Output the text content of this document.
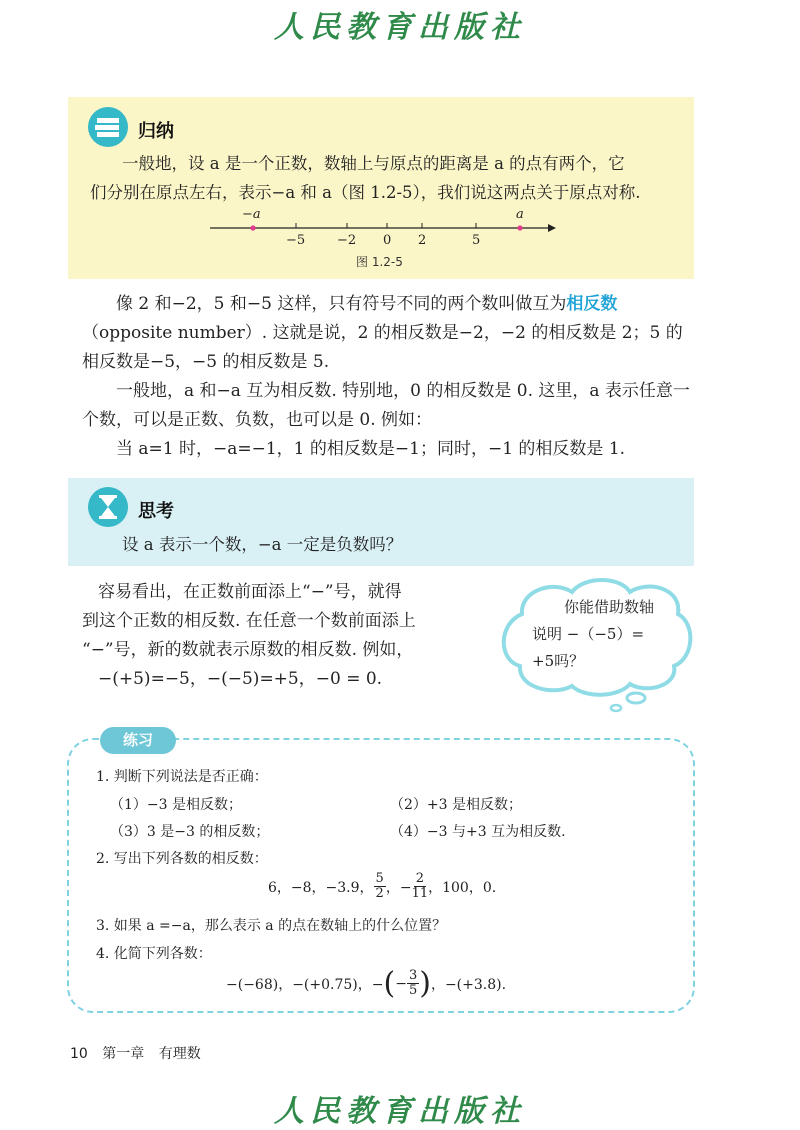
人民教育出版社
归纳

一般地，设 a 是一个正数，数轴上与原点的距离是 a 的点有两个，它

们分别在原点左右，表示−a 和 a（图 1.2-5），我们说这两点关于原点对称.

−a	a
−5 −2 0 2	5
图 1.2-5

像 2 和−2，5 和−5 这样，只有符号不同的两个数叫做互为相反数（opposite number）. 这就是说，2 的相反数是−2，−2 的相反数是 2；5 的相反数是−5，−5 的相反数是 5.

一般地，a 和−a 互为相反数. 特别地，0 的相反数是 0. 这里，a 表示任意一个数，可以是正数、负数，也可以是 0. 例如：

当 a=1 时，−a=−1，1 的相反数是−1；同时，−1 的相反数是 1.

思考

设 a 表示一个数，−a 一定是负数吗？

容易看出，在正数前面添上“−”号，就得

到这个正数的相反数. 在任意一个数前面添上

“−”号，新的数就表示原数的相反数. 例如，

−(+5)=−5，−(−5)=+5，−0 = 0.

你能借助数轴
说明 −（−5）=
+5吗？
练习
1. 判断下列说法是否正确：
（1）−3 是相反数；	（2）+3 是相反数；
（3）3 是−3 的相反数；	（4）−3 与+3 互为相反数.
2. 写出下列各数的相反数：
6，−8，−3.9， $\frac{5}{2}$ ，− $\frac{2}{11}$ ，100，0.
3. 如果 a =−a，那么表示 a 的点在数轴上的什么位置？
4. 化简下列各数：
−(−68)，−(+0.75)，− ( − $\frac{3}{5}$ ) ，−(+3.8).
10 第一章 有理数
人民教育出版社
